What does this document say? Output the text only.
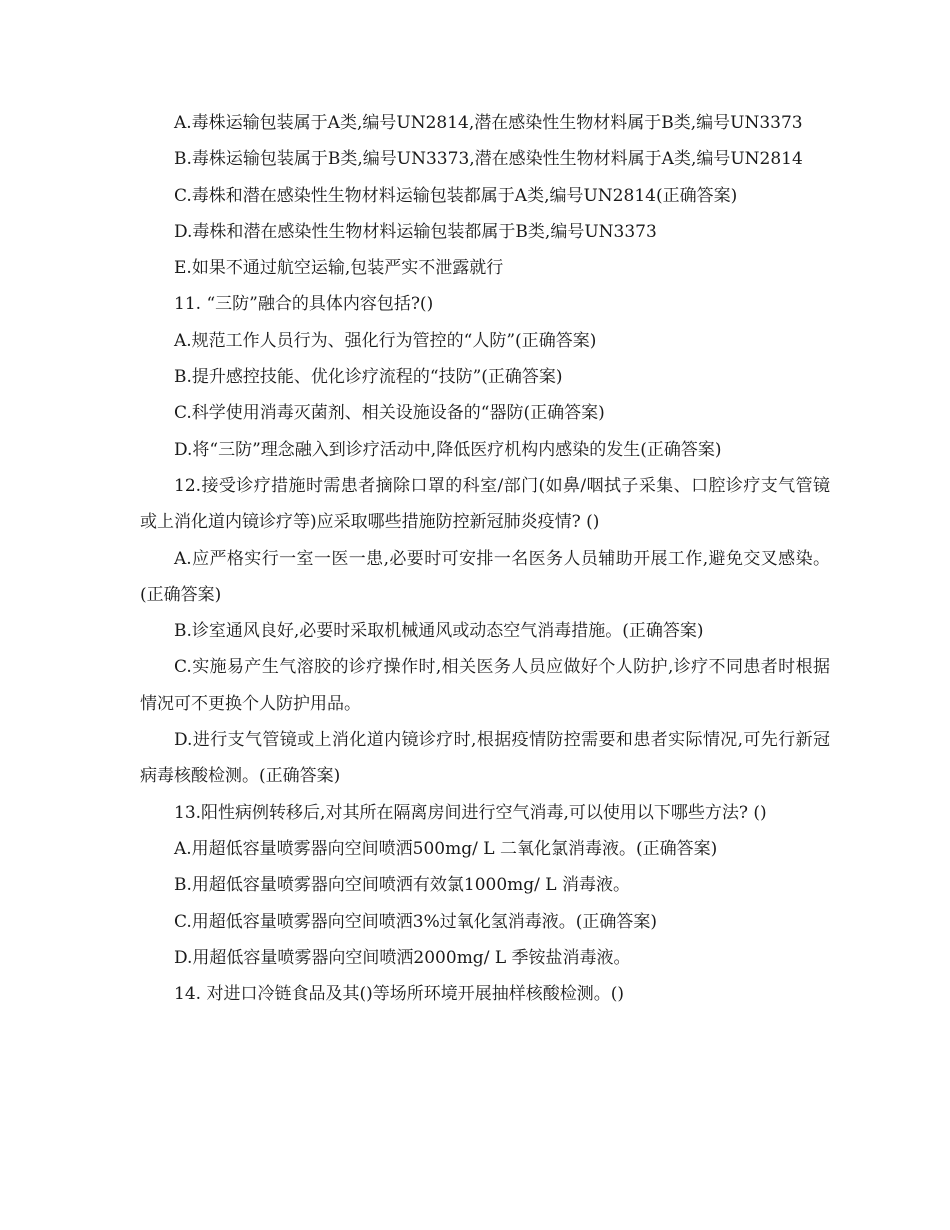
A.毒株运输包装属于A类,编号UN2814,潜在感染性生物材料属于B类,编号UN3373

B.毒株运输包装属于B类,编号UN3373,潜在感染性生物材料属于A类,编号UN2814

C.毒株和潜在感染性生物材料运输包装都属于A类,编号UN2814(正确答案)

D.毒株和潜在感染性生物材料运输包装都属于B类,编号UN3373

E.如果不通过航空运输,包装严实不泄露就行

11. “三防”融合的具体内容包括?()

A.规范工作人员行为、强化行为管控的“人防”(正确答案)

B.提升感控技能、优化诊疗流程的“技防”(正确答案)

C.科学使用消毒灭菌剂、相关设施设备的“器防(正确答案)

D.将“三防”理念融入到诊疗活动中,降低医疗机构内感染的发生(正确答案)

12.接受诊疗措施时需患者摘除口罩的科室/部门(如鼻/咽拭子采集、口腔诊疗支气管镜或上消化道内镜诊疗等)应采取哪些措施防控新冠肺炎疫情? ()

A.应严格实行一室一医一患,必要时可安排一名医务人员辅助开展工作,避免交叉感染。(正确答案)

B.诊室通风良好,必要时采取机械通风或动态空气消毒措施。(正确答案)

C.实施易产生气溶胶的诊疗操作时,相关医务人员应做好个人防护,诊疗不同患者时根据情况可不更换个人防护用品。

D.进行支气管镜或上消化道内镜诊疗时,根据疫情防控需要和患者实际情况,可先行新冠病毒核酸检测。(正确答案)

13.阳性病例转移后,对其所在隔离房间进行空气消毒,可以使用以下哪些方法? ()

A.用超低容量喷雾器向空间喷洒500mg/ L 二氧化氯消毒液。(正确答案)

B.用超低容量喷雾器向空间喷洒有效氯1000mg/ L 消毒液。

C.用超低容量喷雾器向空间喷洒3%过氧化氢消毒液。(正确答案)

D.用超低容量喷雾器向空间喷洒2000mg/ L 季铵盐消毒液。

14. 对进口冷链食品及其()等场所环境开展抽样核酸检测。()
